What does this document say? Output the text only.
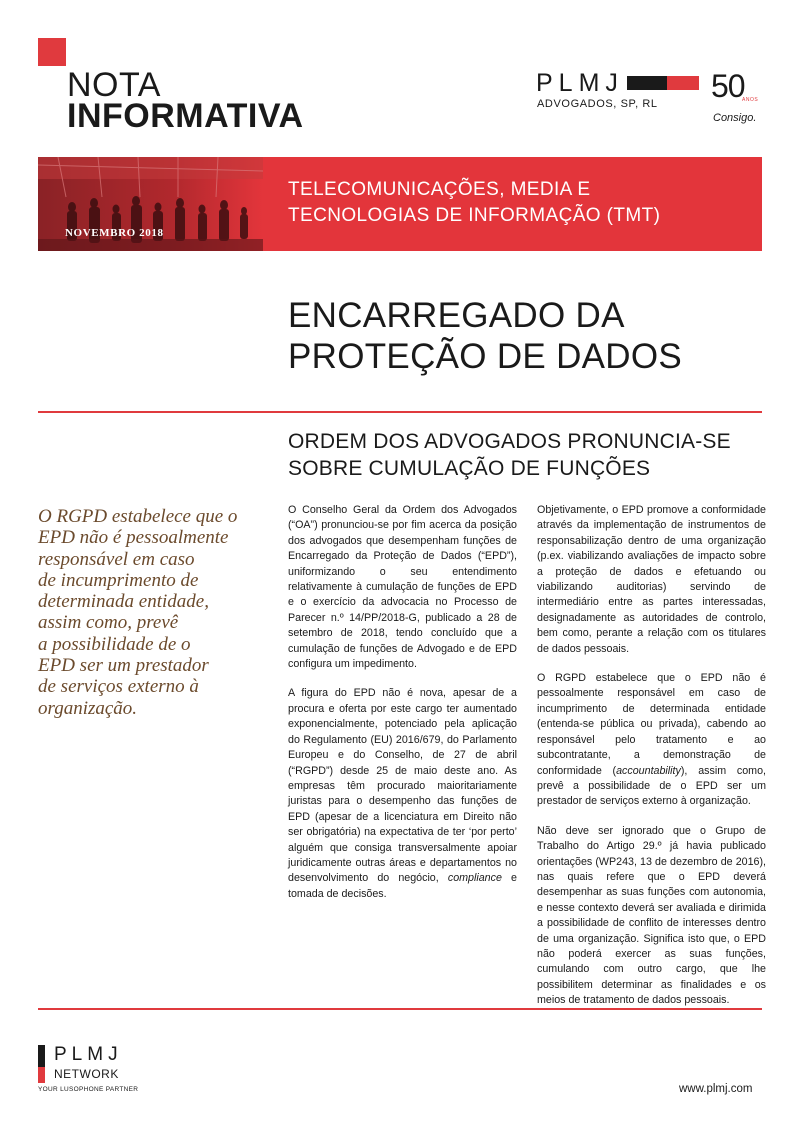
NOTA
INFORMATIVA
PLMJ
ADVOGADOS, SP, RL 50
ANOS
Consigo.
NOVEMBRO 2018
TELECOMUNICAÇÕES, MEDIA E
TECNOLOGIAS DE INFORMAÇÃO (TMT)
ENCARREGADO DA
PROTEÇÃO DE DADOS
ORDEM DOS ADVOGADOS PRONUNCIA-SE
SOBRE CUMULAÇÃO DE FUNÇÕES
O RGPD estabelece que o
EPD não é pessoalmente
responsável em caso
de incumprimento de
determinada entidade,
assim como, prevê
a possibilidade de o
EPD ser um prestador
de serviços externo à
organização.

O Conselho Geral da Ordem dos Advogados (“OA”) pronunciou-se por fim acerca da posição dos advogados que desempenham funções de Encarregado da Proteção de Dados (“EPD”), uniformizando o seu entendimento relativamente à cumulação de funções de EPD e o exercício da advocacia no Processo de Parecer n.º 14/PP/2018-G, publicado a 28 de setembro de 2018, tendo concluído que a cumulação de funções de Advogado e de EPD configura um impedimento.

A figura do EPD não é nova, apesar de a procura e oferta por este cargo ter aumentado exponencialmente, potenciado pela aplicação do Regulamento (EU) 2016/679, do Parlamento Europeu e do Conselho, de 27 de abril (“RGPD”) desde 25 de maio deste ano. As empresas têm procurado maioritariamente juristas para o desempenho das funções de EPD (apesar de a licenciatura em Direito não ser obrigatória) na expectativa de ter ‘por perto’ alguém que consiga transversalmente apoiar juridicamente outras áreas e departamentos no desenvolvimento do negócio, compliance e tomada de decisões.

Objetivamente, o EPD promove a conformidade através da implementação de instrumentos de responsabilização dentro de uma organização (p.ex. viabilizando avaliações de impacto sobre a proteção de dados e efetuando ou viabilizando auditorias) servindo de intermediário entre as partes interessadas, designadamente as autoridades de controlo, bem como, perante a relação com os titulares de dados pessoais.

O RGPD estabelece que o EPD não é pessoalmente responsável em caso de incumprimento de determinada entidade (entenda-se pública ou privada), cabendo ao responsável pelo tratamento e ao subcontratante, a demonstração de conformidade (accountability), assim como, prevê a possibilidade de o EPD ser um prestador de serviços externo à organização.

Não deve ser ignorado que o Grupo de Trabalho do Artigo 29.º já havia publicado orientações (WP243, 13 de dezembro de 2016), nas quais refere que o EPD deverá desempenhar as suas funções com autonomia, e nesse contexto deverá ser avaliada e dirimida a possibilidade de conflito de interesses dentro de uma organização. Significa isto que, o EPD não poderá exercer as suas funções, cumulando com outro cargo, que lhe possibilitem determinar as finalidades e os meios de tratamento de dados pessoais.

PLMJ
NETWORK
YOUR LUSOPHONE PARTNER	www.plmj.com
